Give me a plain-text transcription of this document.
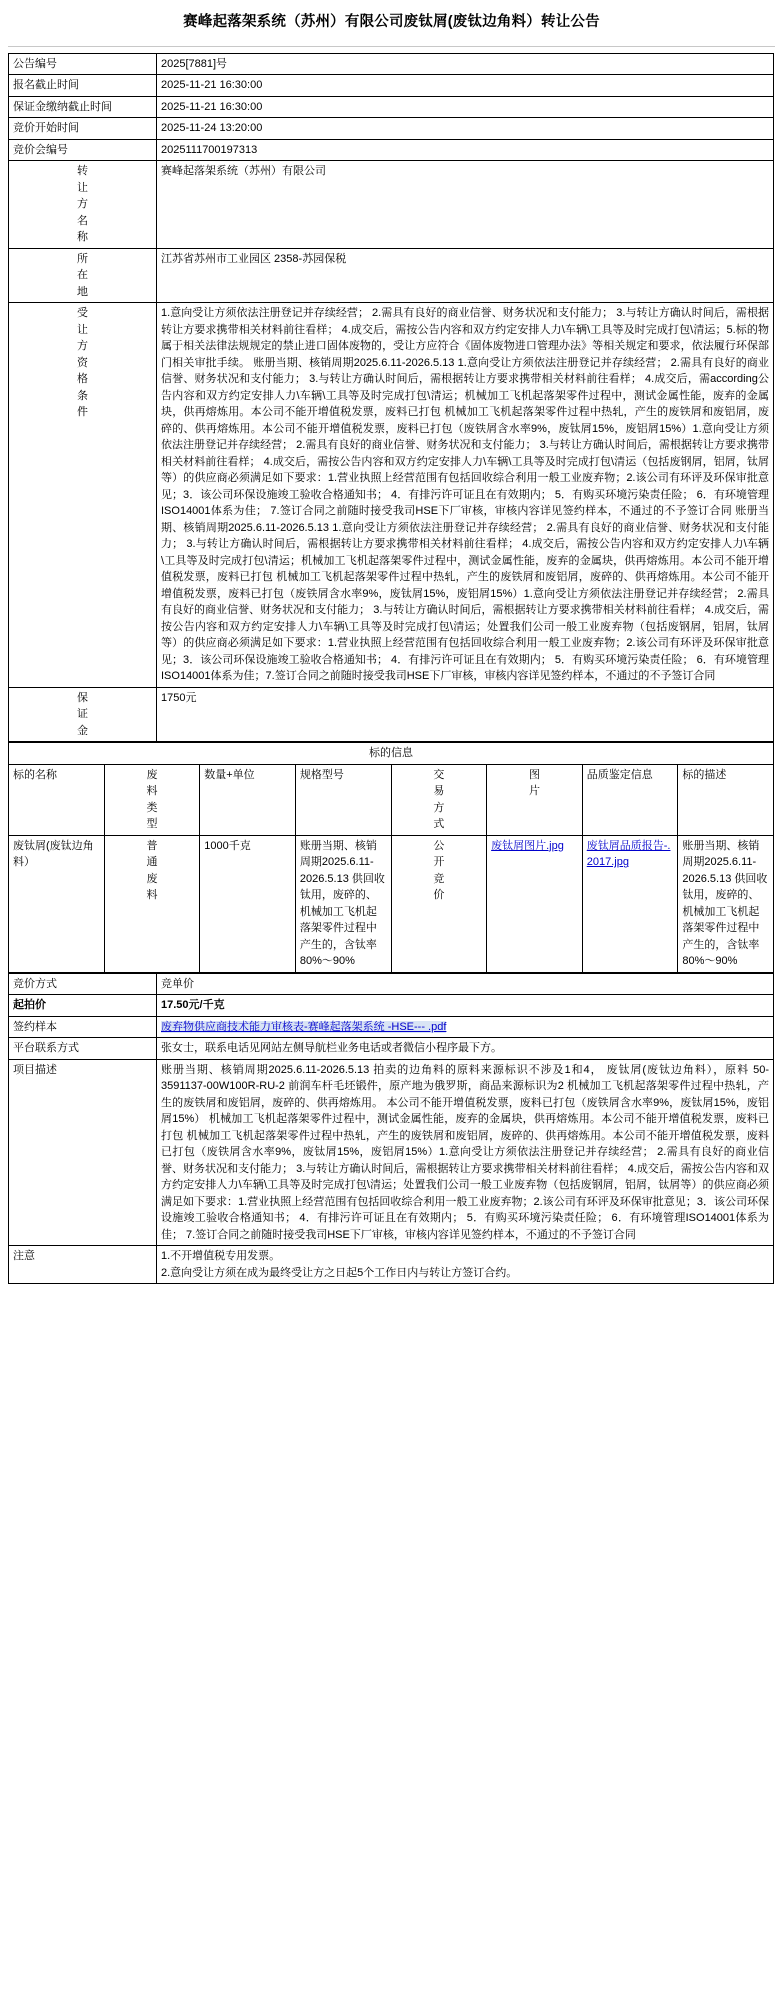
赛峰起落架系统（苏州）有限公司废钛屑(废钛边角料）转让公告
公告编号	2025[7881]号
报名截止时间	2025-11-21 16:30:00
保证金缴纳截止时间	2025-11-21 16:30:00
竞价开始时间	2025-11-24 13:20:00
竞价会编号	2025111700197313

转
让
方
名
称	赛峰起落架系统（苏州）有限公司

所
在
地	江苏省苏州市工业园区 2358-苏园保税

受
让
方
资
格
条
件
	1.意向受让方须依法注册登记并存续经营； 2.需具有良好的商业信誉、财务状况和支付能力； 3.与转让方确认时间后，需根据转让方要求携带相关材料前往看样； 4.成交后，需按公告内容和双方约定安排人力\车辆\工具等及时完成打包\清运；5.标的物属于相关法律法规规定的禁止进口固体废物的，受让方应符合《固体废物进口管理办法》等相关规定和要求，依法履行环保部门相关审批手续。 账册当期、核销周期2025.6.11-2026.5.13 1.意向受让方须依法注册登记并存续经营； 2.需具有良好的商业信誉、财务状况和支付能力； 3.与转让方确认时间后，需根据转让方要求携带相关材料前往看样； 4.成交后，需according公告内容和双方约定安排人力\车辆\工具等及时完成打包\清运；机械加工飞机起落架零件过程中，测试金属性能，废弃的金属块，供再熔炼用。本公司不能开增值税发票，废料已打包 机械加工飞机起落架零件过程中热轧，产生的废铁屑和废铝屑，废碎的、供再熔炼用。本公司不能开增值税发票，废料已打包（废铁屑含水率9%，废钛屑15%，废铝屑15%）1.意向受让方须依法注册登记并存续经营； 2.需具有良好的商业信誉、财务状况和支付能力； 3.与转让方确认时间后，需根据转让方要求携带相关材料前往看样； 4.成交后，需按公告内容和双方约定安排人力\车辆\工具等及时完成打包\清运（包括废钢屑，铝屑，钛屑等）的供应商必须满足如下要求：1.营业执照上经营范围有包括回收综合利用一般工业废弃物；2.该公司有环评及环保审批意见；3．该公司环保设施竣工验收合格通知书； 4．有排污许可证且在有效期内； 5．有购买环境污染责任险； 6．有环境管理ISO14001体系为佳； 7.签订合同之前随时接受我司HSE下厂审核，审核内容详见签约样本，不通过的不予签订合同 账册当期、核销周期2025.6.11-2026.5.13 1.意向受让方须依法注册登记并存续经营； 2.需具有良好的商业信誉、财务状况和支付能力； 3.与转让方确认时间后，需根据转让方要求携带相关材料前往看样； 4.成交后，需按公告内容和双方约定安排人力\车辆\工具等及时完成打包\清运；机械加工飞机起落架零件过程中，测试金属性能，废弃的金属块，供再熔炼用。本公司不能开增值税发票，废料已打包 机械加工飞机起落架零件过程中热轧，产生的废铁屑和废铝屑，废碎的、供再熔炼用。本公司不能开增值税发票，废料已打包（废铁屑含水率9%，废钛屑15%，废铝屑15%）1.意向受让方须依法注册登记并存续经营； 2.需具有良好的商业信誉、财务状况和支付能力； 3.与转让方确认时间后，需根据转让方要求携带相关材料前往看样； 4.成交后，需按公告内容和双方约定安排人力\车辆\工具等及时完成打包\清运；处置我们公司一般工业废弃物（包括废钢屑，铝屑，钛屑等）的供应商必须满足如下要求：1.营业执照上经营范围有包括回收综合利用一般工业废弃物；2.该公司有环评及环保审批意见；3．该公司环保设施竣工验收合格通知书； 4．有排污许可证且在有效期内； 5．有购买环境污染责任险； 6．有环境管理ISO14001体系为佳；7.签订合同之前随时接受我司HSE下厂审核，审核内容详见签约样本，不通过的不予签订合同

保
证
金	1750元
标的信息							
标的名称	废
料
类
型	数量+单位	规格型号	交
易
方
式	图
片	品质鉴定信息	标的描述
废钛屑(废钛边角料）	普
通
废
料	1000千克	账册当期、核销周期2025.6.11-2026.5.13 供回收钛用，废碎的、机械加工飞机起落架零件过程中产生的，含钛率80%～90%	公
开
竞
价	废钛屑图片.jpg	废钛屑品质报告-.2017.jpg	账册当期、核销周期2025.6.11-2026.5.13 供回收钛用，废碎的、机械加工飞机起落架零件过程中产生的，含钛率80%～90%
竞价方式	竞单价
起拍价	17.50元/千克
签约样本	废弃物供应商技术能力审核表-赛峰起落架系统 -HSE--- .pdf
平台联系方式	张女士，联系电话见网站左侧导航栏业务电话或者微信小程序最下方。
项目描述	账册当期、核销周期2025.6.11-2026.5.13 拍卖的边角料的原料来源标识不涉及1和4， 废钛屑(废钛边角料），原料 50-3591137-00W100R-RU-2 前润车杆毛坯锻件，原产地为俄罗斯，商品来源标识为2 机械加工飞机起落架零件过程中热轧，产生的废铁屑和废铝屑，废碎的、供再熔炼用。 本公司不能开增值税发票，废料已打包（废铁屑含水率9%，废钛屑15%，废铝屑15%） 机械加工飞机起落架零件过程中，测试金属性能，废弃的金属块，供再熔炼用。本公司不能开增值税发票，废料已打包 机械加工飞机起落架零件过程中热轧，产生的废铁屑和废铝屑，废碎的、供再熔炼用。本公司不能开增值税发票，废料已打包（废铁屑含水率9%，废钛屑15%，废铝屑15%）1.意向受让方须依法注册登记并存续经营； 2.需具有良好的商业信誉、财务状况和支付能力； 3.与转让方确认时间后，需根据转让方要求携带相关材料前往看样； 4.成交后，需按公告内容和双方约定安排人力\车辆\工具等及时完成打包\清运；处置我们公司一般工业废弃物（包括废钢屑，铝屑，钛屑等）的供应商必须满足如下要求：1.营业执照上经营范围有包括回收综合利用一般工业废弃物；2.该公司有环评及环保审批意见；3．该公司环保设施竣工验收合格通知书； 4．有排污许可证且在有效期内； 5．有购买环境污染责任险； 6．有环境管理ISO14001体系为佳； 7.签订合同之前随时接受我司HSE下厂审核，审核内容详见签约样本，不通过的不予签订合同
注意	1.不开增值税专用发票。
2.意向受让方须在成为最终受让方之日起5个工作日内与转让方签订合约。
